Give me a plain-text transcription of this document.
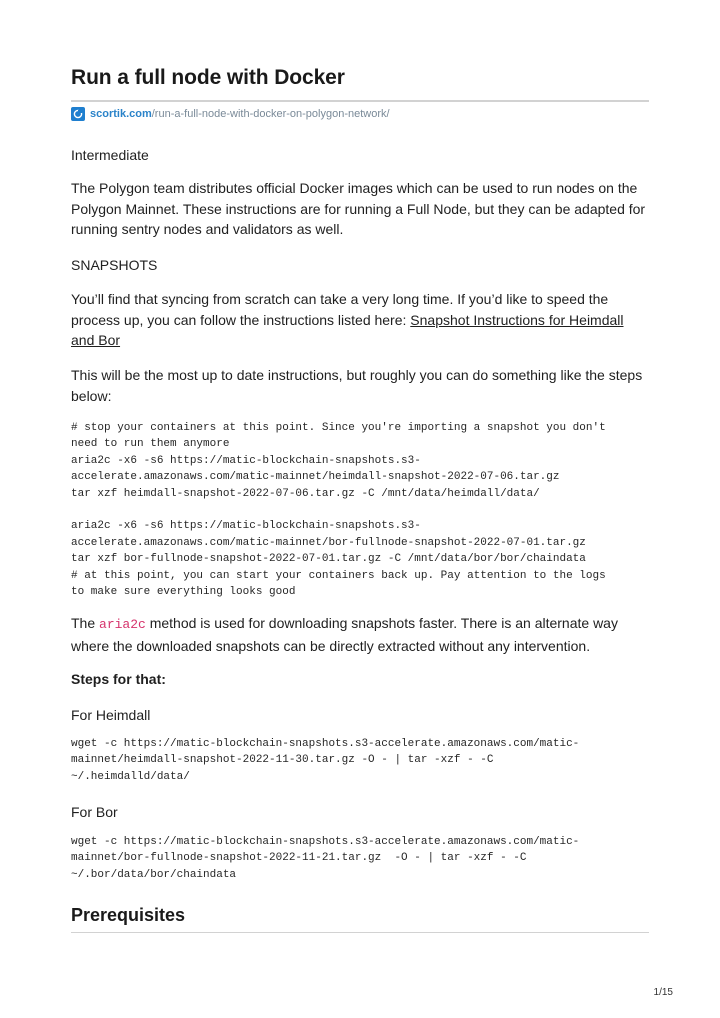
Run a full node with Docker
scortik.com /run-a-full-node-with-docker-on-polygon-network/

Intermediate

The Polygon team distributes official Docker images which can be used to run nodes on the Polygon Mainnet. These instructions are for running a Full Node, but they can be adapted for running sentry nodes and validators as well.

SNAPSHOTS

You’ll find that syncing from scratch can take a very long time. If you’d like to speed the process up, you can follow the instructions listed here: Snapshot Instructions for Heimdall and Bor

This will be the most up to date instructions, but roughly you can do something like the steps below:

# stop your containers at this point. Since you're importing a snapshot you don't
need to run them anymore
aria2c -x6 -s6 https://matic-blockchain-snapshots.s3-
accelerate.amazonaws.com/matic-mainnet/heimdall-snapshot-2022-07-06.tar.gz
tar xzf heimdall-snapshot-2022-07-06.tar.gz -C /mnt/data/heimdall/data/

aria2c -x6 -s6 https://matic-blockchain-snapshots.s3-
accelerate.amazonaws.com/matic-mainnet/bor-fullnode-snapshot-2022-07-01.tar.gz
tar xzf bor-fullnode-snapshot-2022-07-01.tar.gz -C /mnt/data/bor/bor/chaindata
# at this point, you can start your containers back up. Pay attention to the logs
to make sure everything looks good

The aria2c method is used for downloading snapshots faster. There is an alternate way where the downloaded snapshots can be directly extracted without any intervention.

Steps for that:

For Heimdall

wget -c https://matic-blockchain-snapshots.s3-accelerate.amazonaws.com/matic-
mainnet/heimdall-snapshot-2022-11-30.tar.gz -O - | tar -xzf - -C
~/.heimdalld/data/

For Bor

wget -c https://matic-blockchain-snapshots.s3-accelerate.amazonaws.com/matic-
mainnet/bor-fullnode-snapshot-2022-11-21.tar.gz  -O - | tar -xzf - -C
~/.bor/data/bor/chaindata
Prerequisites
1/15
